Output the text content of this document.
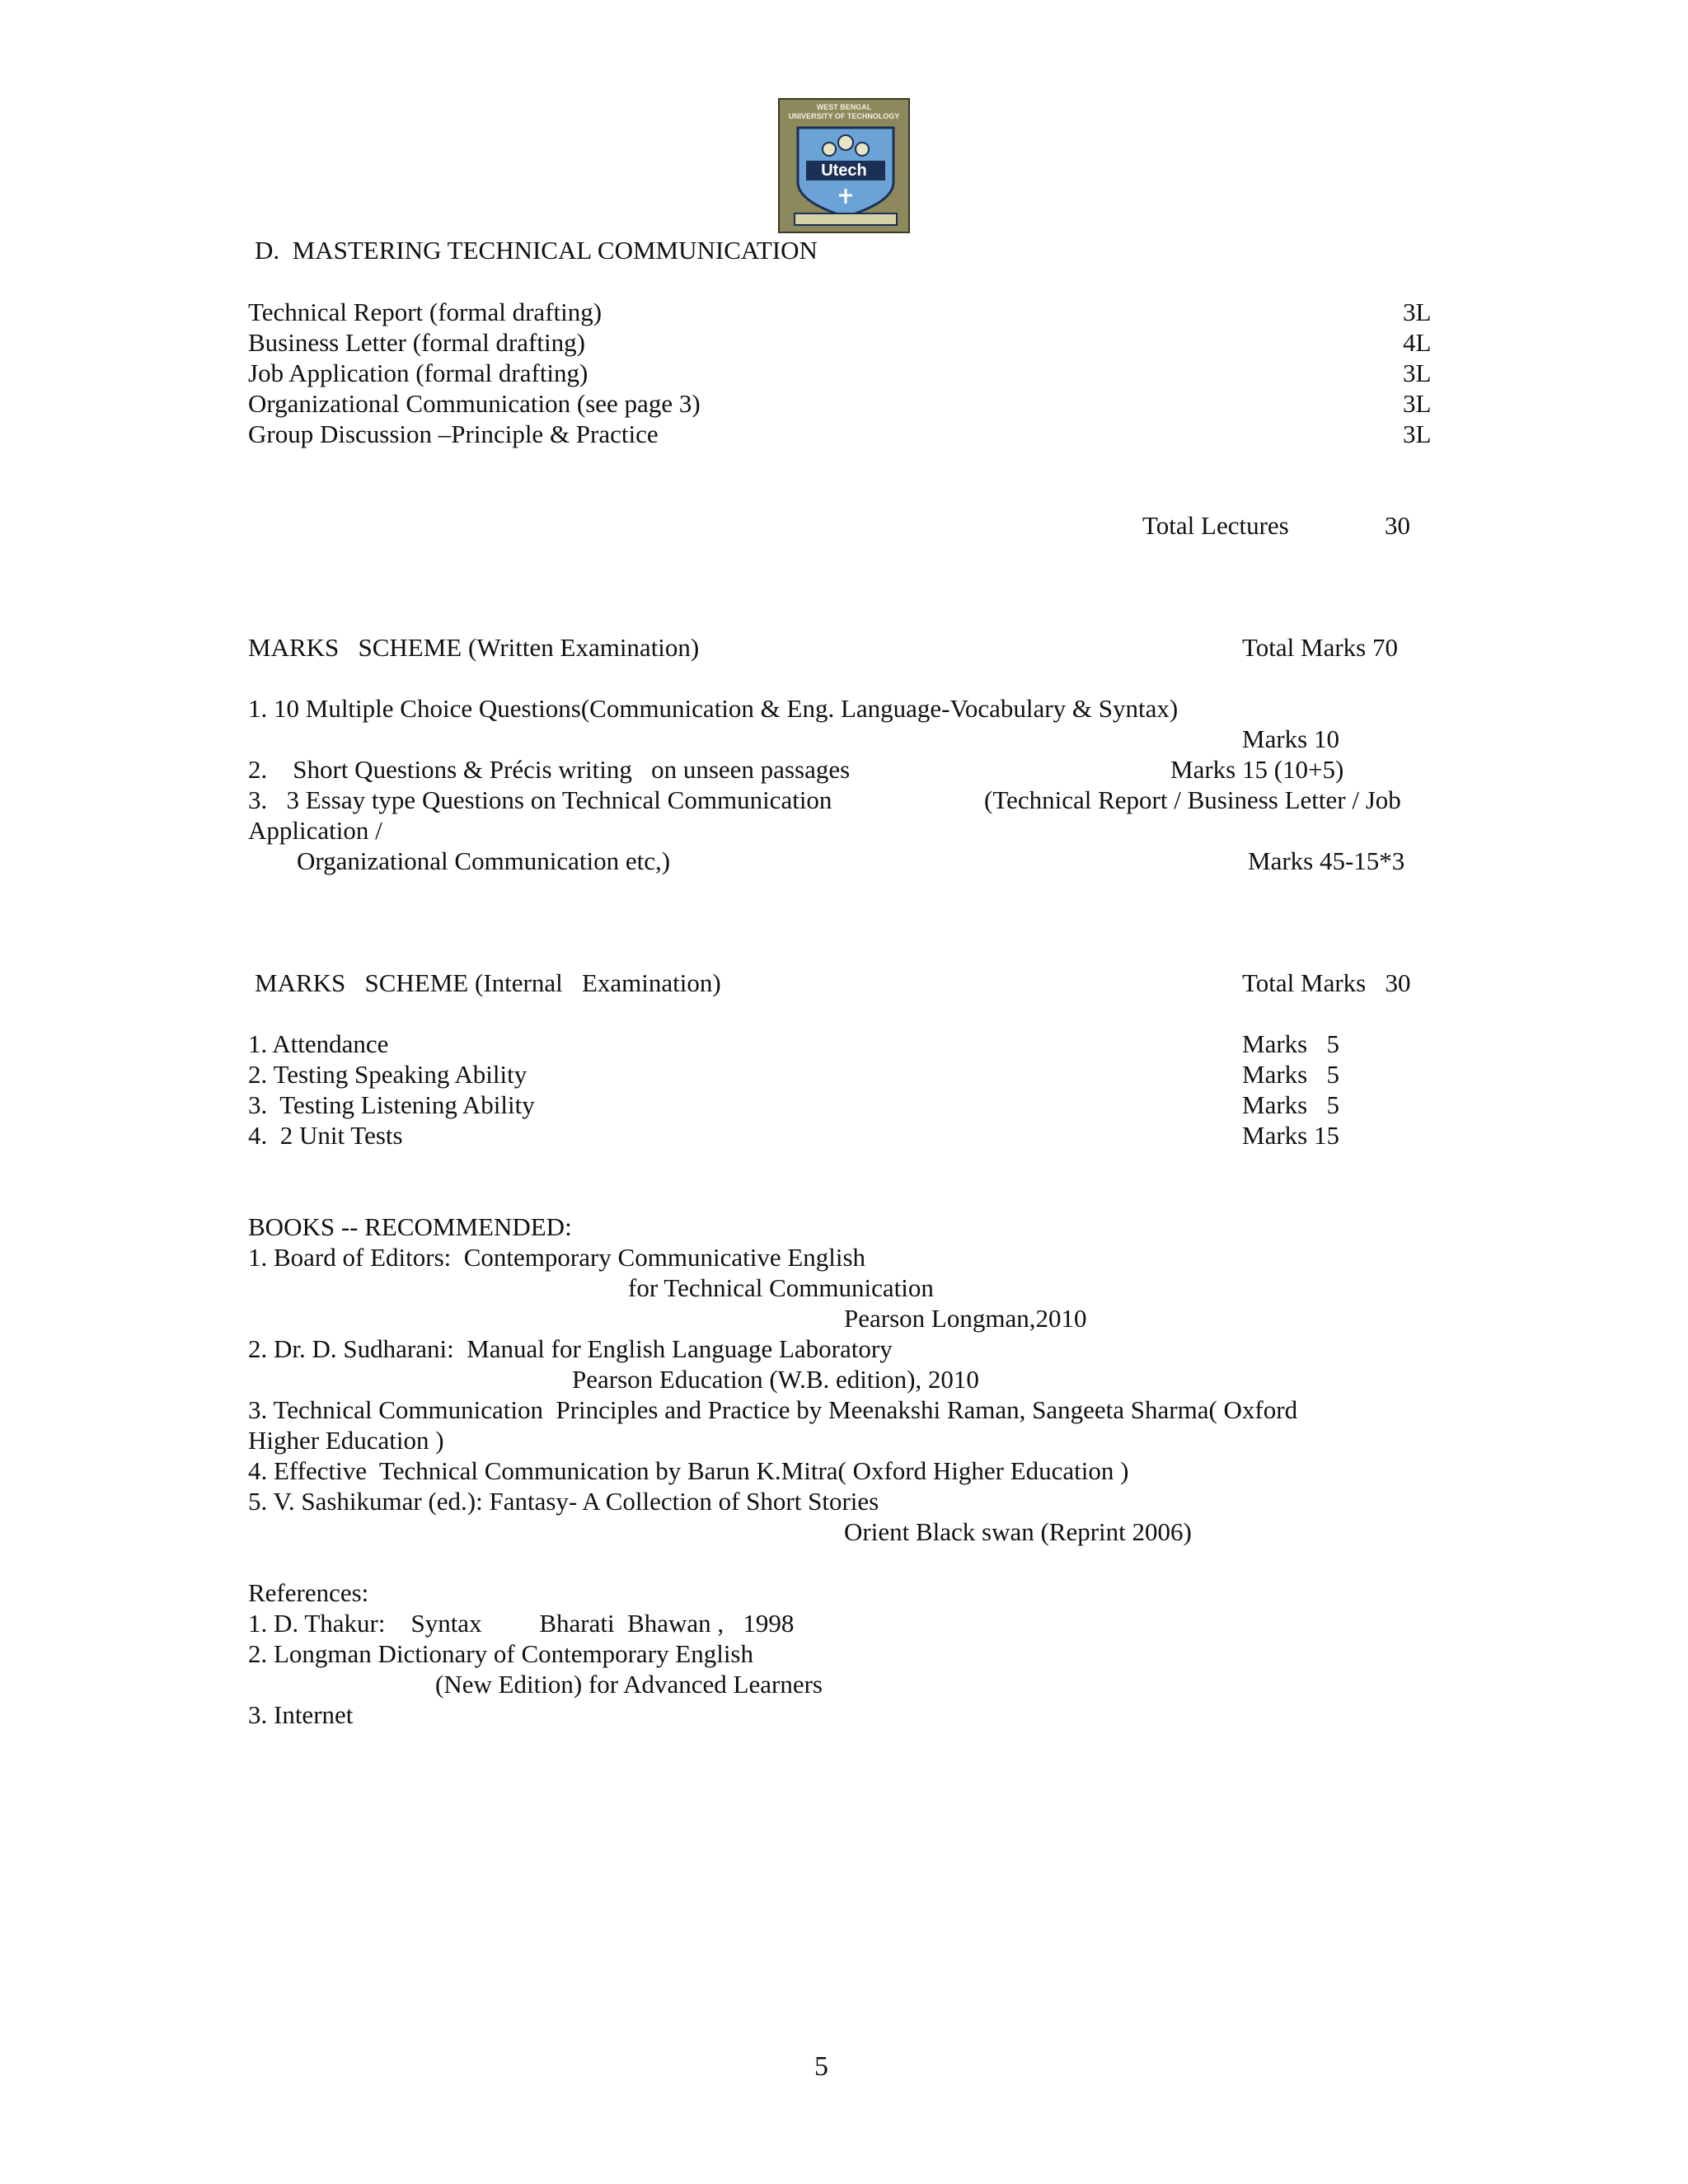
WEST BENGAL
UNIVERSITY OF TECHNOLOGY
Utech
D.  MASTERING TECHNICAL COMMUNICATION
Technical Report (formal drafting)	3L
Business Letter (formal drafting)	4L
Job Application (formal drafting)	3L
Organizational Communication (see page 3)	3L
Group Discussion –Principle & Practice	3L
Total Lectures	30
MARKS   SCHEME (Written Examination)	Total Marks 70
1. 10 Multiple Choice Questions(Communication & Eng. Language-Vocabulary & Syntax)
Marks 10
2.    Short Questions & Précis writing   on unseen passages	Marks 15 (10+5)
3.   3 Essay type Questions on Technical Communication	(Technical Report / Business Letter / Job
Application /
Organizational Communication etc,)	Marks 45-15*3
MARKS   SCHEME (Internal   Examination)	Total Marks   30
1. Attendance	Marks   5
2. Testing Speaking Ability	Marks   5
3.  Testing Listening Ability	Marks   5
4.  2 Unit Tests	Marks 15
BOOKS -- RECOMMENDED:
1. Board of Editors:  Contemporary Communicative English
for Technical Communication
Pearson Longman,2010
2. Dr. D. Sudharani:  Manual for English Language Laboratory
Pearson Education (W.B. edition), 2010
3. Technical Communication  Principles and Practice by Meenakshi Raman, Sangeeta Sharma( Oxford
Higher Education )
4. Effective  Technical Communication by Barun K.Mitra( Oxford Higher Education )
5. V. Sashikumar (ed.): Fantasy- A Collection of Short Stories
Orient Black swan (Reprint 2006)
References:
1. D. Thakur:    Syntax         Bharati  Bhawan ,   1998
2. Longman Dictionary of Contemporary English
(New Edition) for Advanced Learners
3. Internet
5
